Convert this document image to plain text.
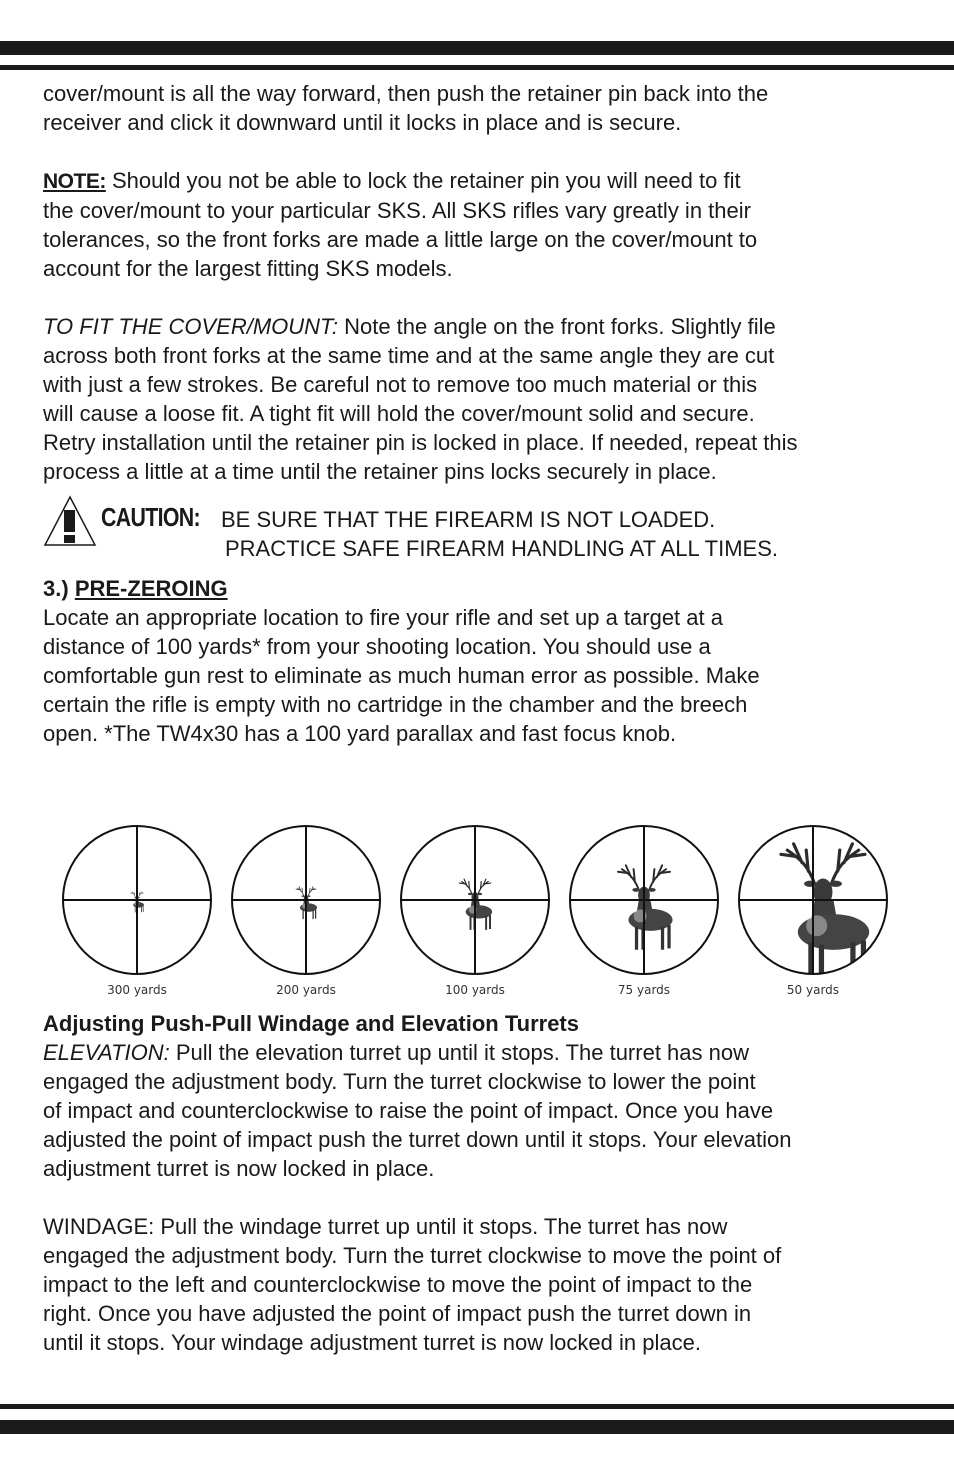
cover/mount is all the way forward, then push the retainer pin back into the

receiver and click it downward until it locks in place and is secure.

NOTE: Should you not be able to lock the retainer pin you will need to fit

the cover/mount to your particular SKS. All SKS rifles vary greatly in their

tolerances, so the front forks are made a little large on the cover/mount to

account for the largest fitting SKS models.

TO FIT THE COVER/MOUNT: Note the angle on the front forks. Slightly file

across both front forks at the same time and at the same angle they are cut

with just a few strokes. Be careful not to remove too much material or this

will cause a loose fit. A tight fit will hold the cover/mount solid and secure.

Retry installation until the retainer pin is locked in place. If needed, repeat this

process a little at a time until the retainer pins locks securely in place.

CAUTION: BE SURE THAT THE FIREARM IS NOT LOADED.
PRACTICE SAFE FIREARM HANDLING AT ALL TIMES.

3.) PRE-ZEROING

Locate an appropriate location to fire your rifle and set up a target at a

distance of 100 yards* from your shooting location. You should use a

comfortable gun rest to eliminate as much human error as possible. Make

certain the rifle is empty with no cartridge in the chamber and the breech

open. *The TW4x30 has a 100 yard parallax and fast focus knob.

Adjusting Push-Pull Windage and Elevation Turrets

ELEVATION: Pull the elevation turret up until it stops. The turret has now

engaged the adjustment body. Turn the turret clockwise to lower the point

of impact and counterclockwise to raise the point of impact. Once you have

adjusted the point of impact push the turret down until it stops. Your elevation

adjustment turret is now locked in place.

WINDAGE: Pull the windage turret up until it stops. The turret has now

engaged the adjustment body. Turn the turret clockwise to move the point of

impact to the left and counterclockwise to move the point of impact to the

right. Once you have adjusted the point of impact push the turret down in

until it stops. Your windage adjustment turret is now locked in place.

300 yards	200 yards	100 yards	75 yards	50 yards
